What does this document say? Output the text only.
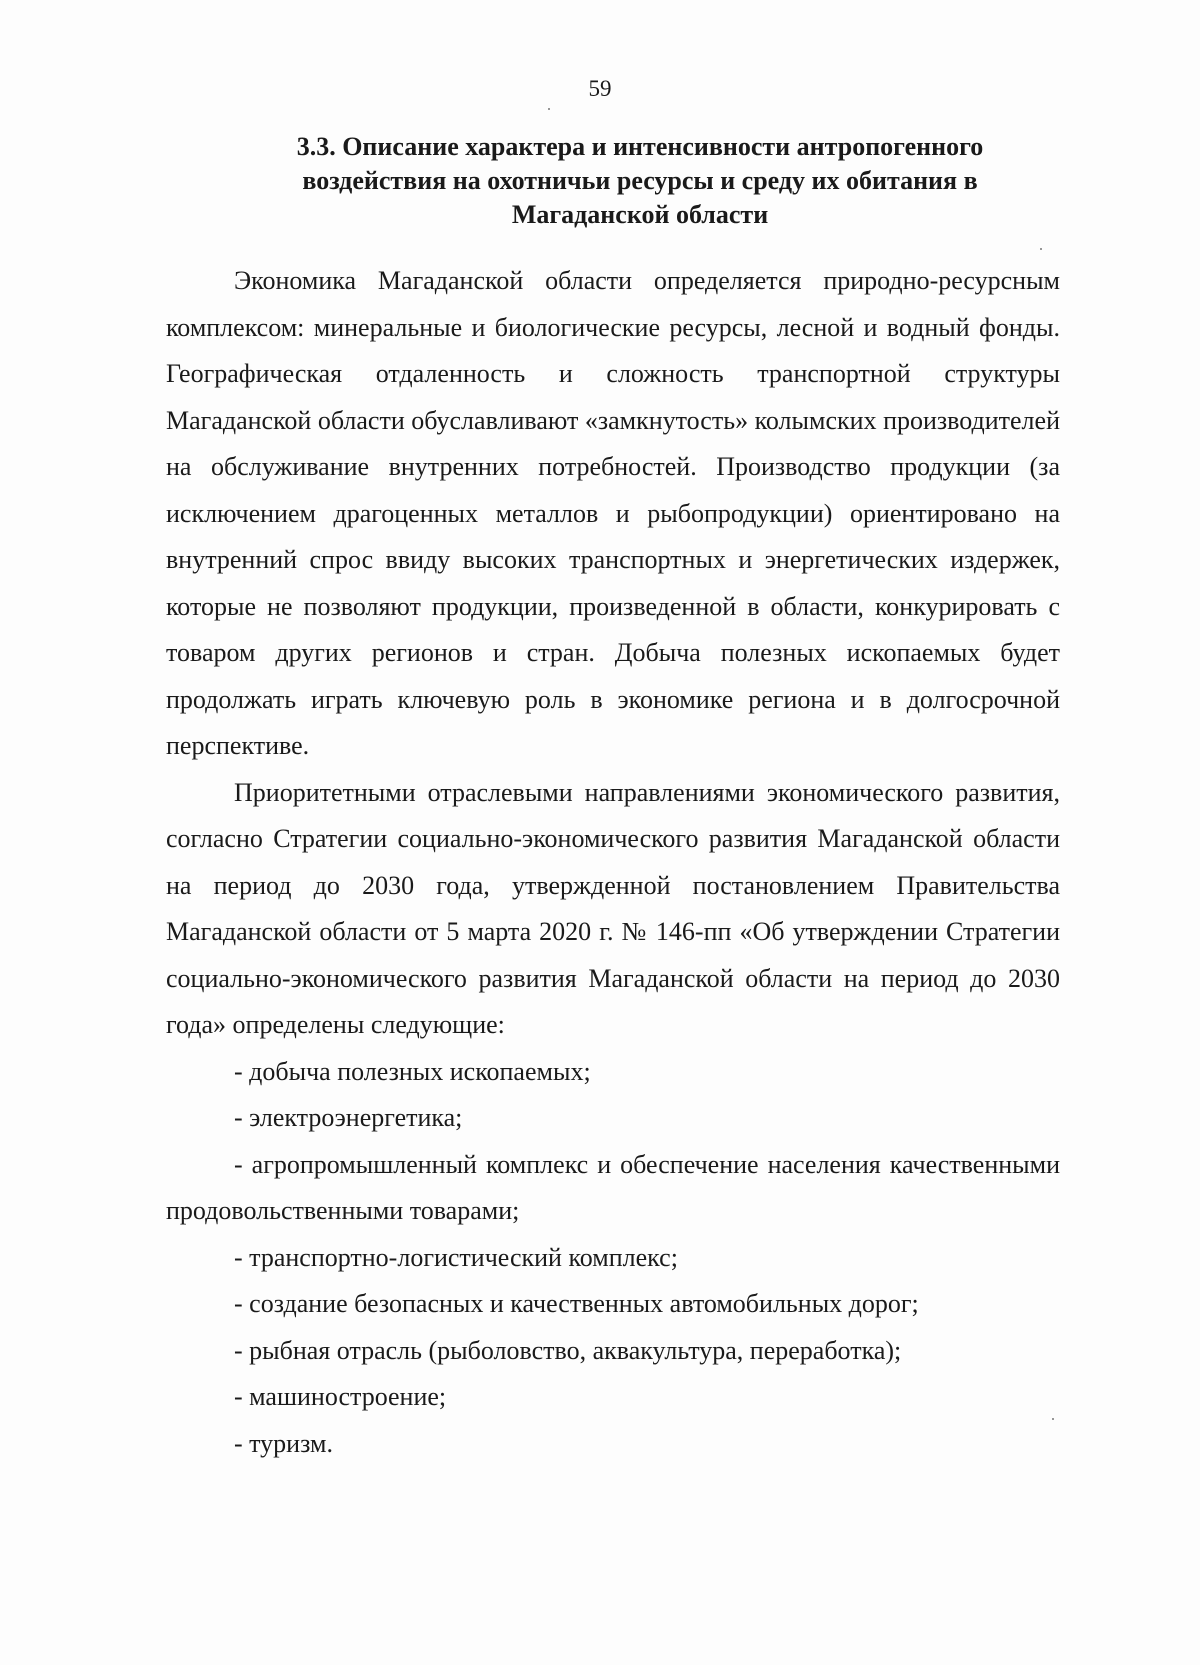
59
3.3. Описание характера и интенсивности антропогенного
воздействия на охотничьи ресурсы и среду их обитания в
Магаданской области

Экономика Магаданской области определяется природно-ресурсным комплексом: минеральные и биологические ресурсы, лесной и водный фонды. Географическая отдаленность и сложность транспортной структуры Магаданской области обуславливают «замкнутость» колымских производителей на обслуживание внутренних потребностей. Производство продукции (за исключением драгоценных металлов и рыбопродукции) ориентировано на внутренний спрос ввиду высоких транспортных и энергетических издержек, которые не позволяют продукции, произведенной в области, конкурировать с товаром других регионов и стран. Добыча полезных ископаемых будет продолжать играть ключевую роль в экономике региона и в долгосрочной перспективе.

Приоритетными отраслевыми направлениями экономического развития, согласно Стратегии социально-экономического развития Магаданской области на период до 2030 года, утвержденной постановлением Правительства Магаданской области от 5 марта 2020 г. № 146-пп «Об утверждении Стратегии социально-экономического развития Магаданской области на период до 2030 года» определены следующие:

- добыча полезных ископаемых;
- электроэнергетика;
- агропромышленный комплекс и обеспечение населения качественными продовольственными товарами;
- транспортно-логистический комплекс;
- создание безопасных и качественных автомобильных дорог;
- рыбная отрасль (рыболовство, аквакультура, переработка);
- машиностроение;
- туризм.
